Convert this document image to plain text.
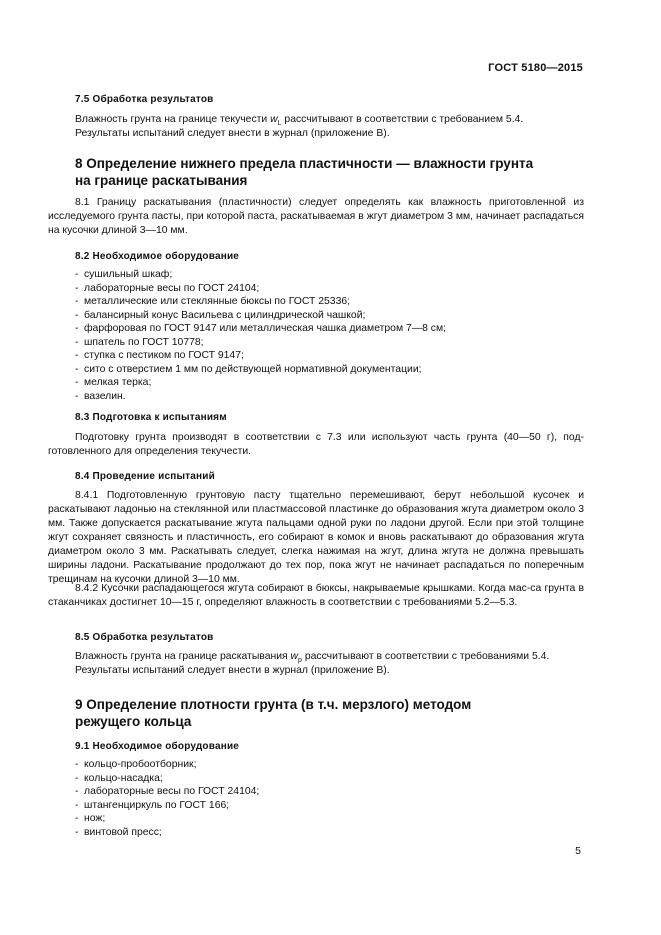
ГОСТ 5180—2015
7.5 Обработка результатов
Влажность грунта на границе текучести $w_L$ рассчитывают в соответствии с требованием 5.4.
Результаты испытаний следует внести в журнал (приложение В).
8 Определение нижнего предела пластичности — влажности грунта
на границе раскатывания
8.1 Границу раскатывания (пластичности) следует определять как влажность приготовленной из исследуемого грунта пасты, при которой паста, раскатываемая в жгут диаметром 3 мм, начинает распадаться на кусочки длиной 3—10 мм.
8.2 Необходимое оборудование
- сушильный шкаф;
- лабораторные весы по ГОСТ 24104;
- металлические или стеклянные бюксы по ГОСТ 25336;
- балансирный конус Васильева с цилиндрической чашкой;
- фарфоровая по ГОСТ 9147 или металлическая чашка диаметром 7—8 см;
- шпатель по ГОСТ 10778;
- ступка с пестиком по ГОСТ 9147;
- сито с отверстием 1 мм по действующей нормативной документации;
- мелкая терка;
- вазелин.
8.3 Подготовка к испытаниям
Подготовку грунта производят в соответствии с 7.3 или используют часть грунта (40—50 г), под-готовленного для определения текучести.
8.4 Проведение испытаний
8.4.1 Подготовленную грунтовую пасту тщательно перемешивают, берут небольшой кусочек и раскатывают ладонью на стеклянной или пластмассовой пластинке до образования жгута диаметром около 3 мм. Также допускается раскатывание жгута пальцами одной руки по ладони другой. Если при этой толщине жгут сохраняет связность и пластичность, его собирают в комок и вновь раскатывают до образования жгута диаметром около 3 мм. Раскатывать следует, слегка нажимая на жгут, длина жгута не должна превышать ширины ладони. Раскатывание продолжают до тех пор, пока жгут не начинает распадаться по поперечным трещинам на кусочки длиной 3—10 мм.
8.4.2 Кусочки распадающегося жгута собирают в бюксы, накрываемые крышками. Когда мас-са грунта в стаканчиках достигнет 10—15 г, определяют влажность в соответствии с требованиями 5.2—5.3.
8.5 Обработка результатов
Влажность грунта на границе раскатывания $w_p$ рассчитывают в соответствии с требованиями 5.4.
Результаты испытаний следует внести в журнал (приложение В).
9 Определение плотности грунта (в т.ч. мерзлого) методом
режущего кольца
9.1 Необходимое оборудование
- кольцо-пробоотборник;
- кольцо-насадка;
- лабораторные весы по ГОСТ 24104;
- штангенциркуль по ГОСТ 166;
- нож;
- винтовой пресс;
5
